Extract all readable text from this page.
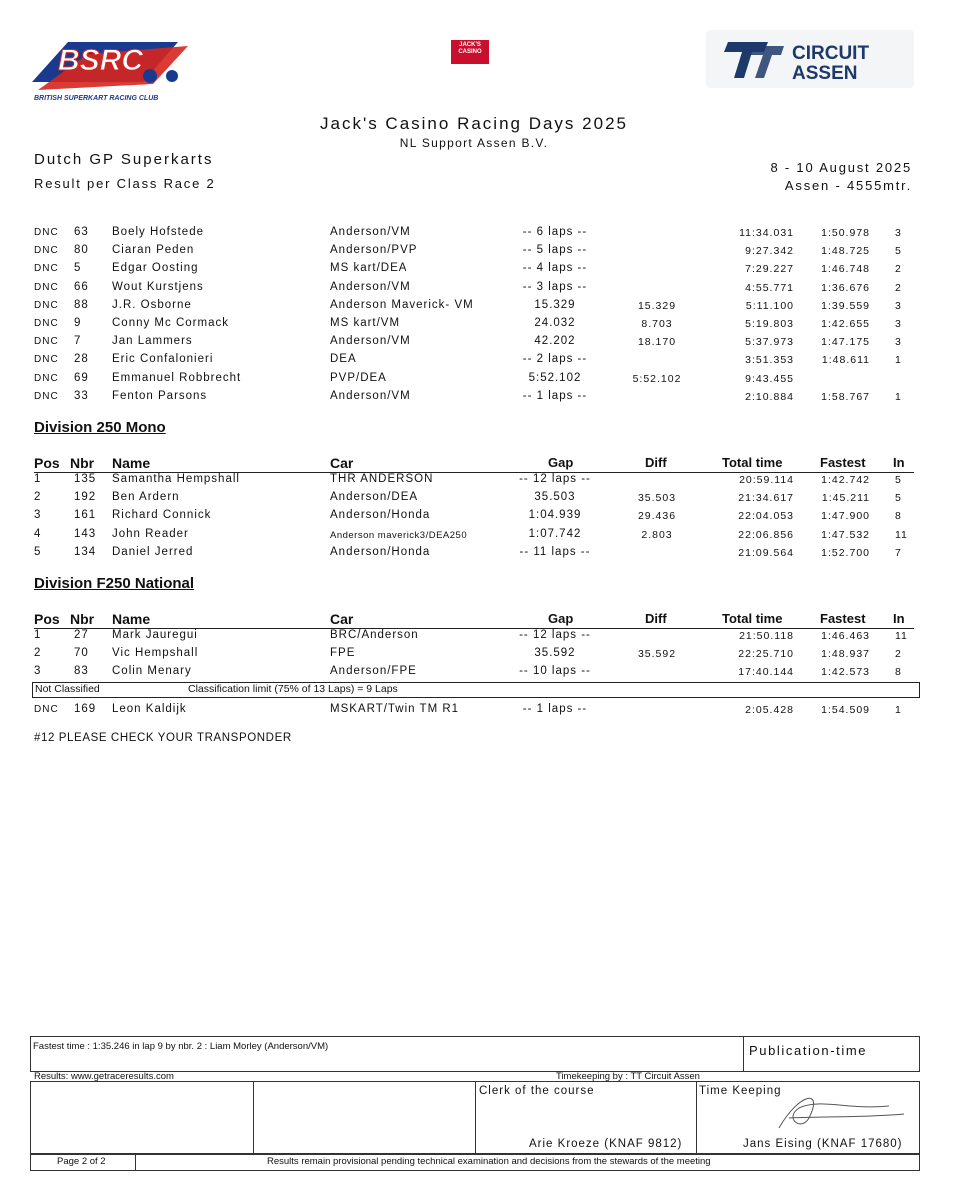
BSRC
BRITISH SUPERKART RACING CLUB
JACK'S
CASINO	CIRCUIT
ASSEN
Jack's Casino Racing Days 2025
NL Support Assen B.V.
Dutch GP Superkarts
Result per Class Race 2
8 - 10 August 2025
Assen - 4555mtr.
DNC 63 Boely Hofstede	Anderson/VM	-- 6 laps --	11:34.031	1:50.978 3
DNC 80 Ciaran Peden	Anderson/PVP	-- 5 laps --	9:27.342	1:48.725 5
DNC 5	Edgar Oosting	MS kart/DEA	-- 4 laps --	7:29.227	1:46.748 2
DNC 66 Wout Kurstjens	Anderson/VM	-- 3 laps --	4:55.771	1:36.676 2
DNC 88 J.R. Osborne	Anderson Maverick- VM	15.329	15.329	5:11.100	1:39.559 3
DNC 9	Conny Mc Cormack	MS kart/VM	24.032	8.703	5:19.803	1:42.655 3
DNC 7	Jan Lammers	Anderson/VM	42.202	18.170	5:37.973	1:47.175 3
DNC 28 Eric Confalonieri	DEA	-- 2 laps --	3:51.353	1:48.611 1
DNC 69 Emmanuel Robbrecht	PVP/DEA	5:52.102	5:52.102	9:43.455
DNC 33 Fenton Parsons	Anderson/VM	-- 1 laps --	2:10.884	1:58.767 1
Division 250 Mono
Pos Nbr Name	Car	Gap	Diff	Total time	Fastest In
1	135 Samantha Hempshall	THR ANDERSON	-- 12 laps --	20:59.114	1:42.742 5
2	192 Ben Ardern	Anderson/DEA	35.503	35.503	21:34.617	1:45.211 5
3	161 Richard Connick	Anderson/Honda	1:04.939	29.436	22:04.053	1:47.900 8
4	143 John Reader	Anderson maverick3/DEA250	1:07.742	2.803	22:06.856	1:47.532 11
5	134 Daniel Jerred	Anderson/Honda	-- 11 laps --	21:09.564	1:52.700 7
Division F250 National
Pos Nbr Name	Car	Gap	Diff	Total time	Fastest In
1	27 Mark Jauregui	BRC/Anderson	-- 12 laps --	21:50.118	1:46.463 11
2	70 Vic Hempshall	FPE	35.592	35.592	22:25.710	1:48.937 2
3	83 Colin Menary	Anderson/FPE	-- 10 laps --	17:40.144	1:42.573 8
Not Classified	Classification limit (75% of 13 Laps) = 9 Laps
DNC 169 Leon Kaldijk	MSKART/Twin TM R1	-- 1 laps --	2:05.428	1:54.509 1
#12 PLEASE CHECK YOUR TRANSPONDER
Fastest time : 1:35.246 in lap 9 by nbr. 2 : Liam Morley (Anderson/VM)	Publication-time
Results: www.getraceresults.com	Timekeeping by : TT Circuit Assen
Clerk of the course
Arie Kroeze (KNAF 9812)
Time Keeping
Jans Eising (KNAF 17680)
Page 2 of 2	Results remain provisional pending technical examination and decisions from the stewards of the meeting
